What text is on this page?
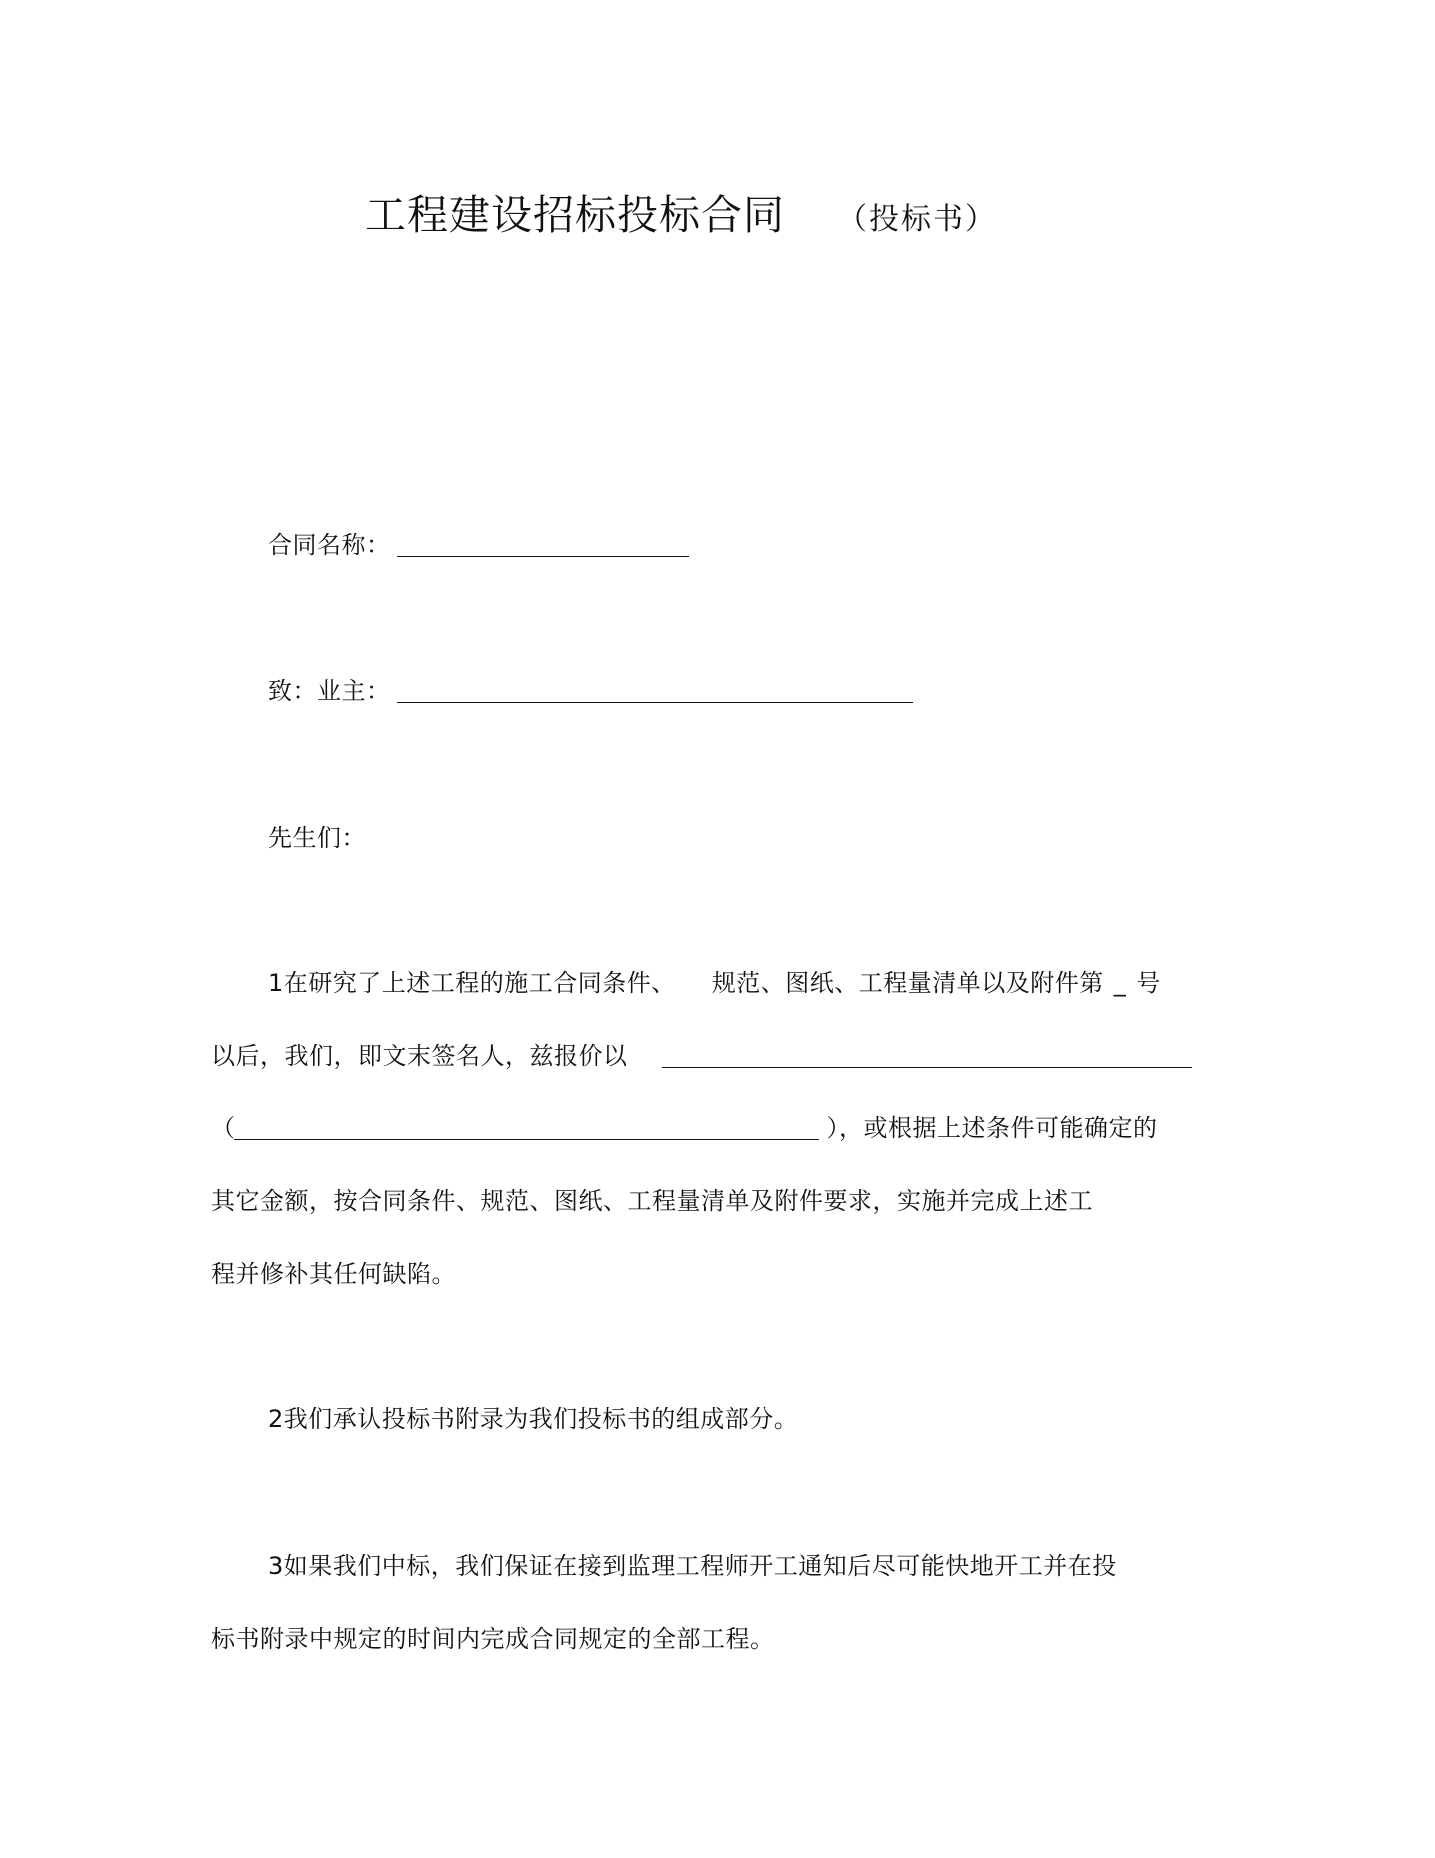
工程建设招标投标合同 （投标书）
合同名称：
致：业主：
先生们：
1在研究了上述工程的施工合同条件、 规范、图纸、工程量清单以及附件第 _ 号
以后，我们，即文末签名人，兹报价以
（	），或根据上述条件可能确定的
其它金额，按合同条件、规范、图纸、工程量清单及附件要求，实施并完成上述工
程并修补其任何缺陷。
2我们承认投标书附录为我们投标书的组成部分。
3如果我们中标，我们保证在接到监理工程师开工通知后尽可能快地开工并在投
标书附录中规定的时间内完成合同规定的全部工程。
